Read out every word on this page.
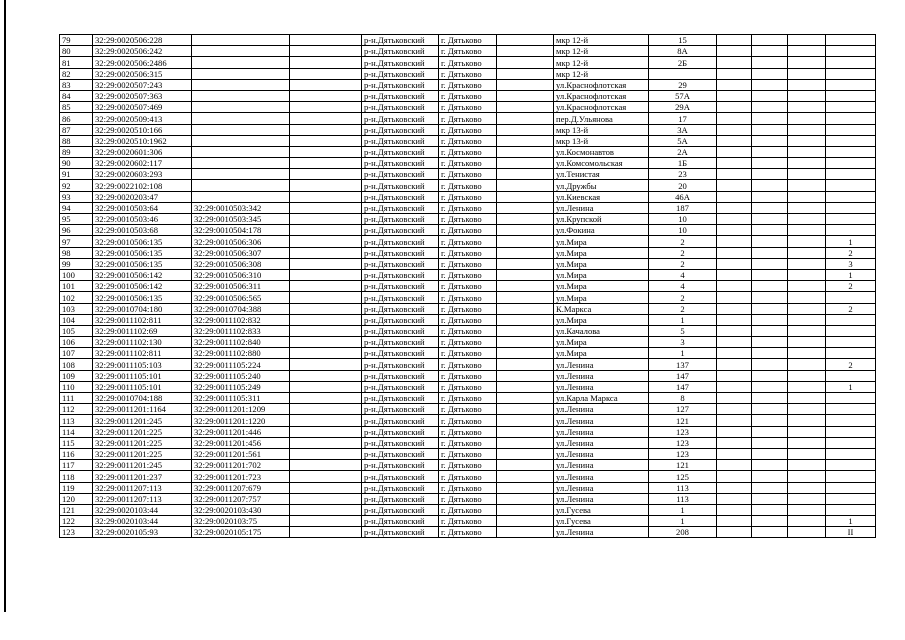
79	32:29:0020506:228			р-н.Дятьковский	г. Дятьково		мкр 12-й	15				
80	32:29:0020506:242			р-н.Дятьковский	г. Дятьково		мкр 12-й	8А				
81	32:29:0020506:2486			р-н.Дятьковский	г. Дятьково		мкр 12-й	2Б				
82	32:29:0020506:315			р-н.Дятьковский	г. Дятьково		мкр 12-й					
83	32:29:0020507:243			р-н.Дятьковский	г. Дятьково		ул.Краснофлотская	29				
84	32:29:0020507:363			р-н.Дятьковский	г. Дятьково		ул.Краснофлотская	57А				
85	32:29:0020507:469			р-н.Дятьковский	г. Дятьково		ул.Краснофлотская	29А				
86	32:29:0020509:413			р-н.Дятьковский	г. Дятьково		пер.Д.Ульянова	17				
87	32:29:0020510:166			р-н.Дятьковский	г. Дятьково		мкр 13-й	3А				
88	32:29:0020510:1962			р-н.Дятьковский	г. Дятьково		мкр 13-й	5А				
89	32:29:0020601:306			р-н.Дятьковский	г. Дятьково		ул.Космонавтов	2А				
90	32:29:0020602:117			р-н.Дятьковский	г. Дятьково		ул.Комсомольская	1Б				
91	32:29:0020603:293			р-н.Дятьковский	г. Дятьково		ул.Тенистая	23				
92	32:29:0022102:108			р-н.Дятьковский	г. Дятьково		ул.Дружбы	20				
93	32:29:0020203:47			р-н.Дятьковский	г. Дятьково		ул.Киевская	46А				
94	32:29:0010503:64	32:29:0010503:342		р-н.Дятьковский	г. Дятьково		ул.Ленина	187				
95	32:29:0010503:46	32:29:0010503:345		р-н.Дятьковский	г. Дятьково		ул.Крупской	10				
96	32:29:0010503:68	32:29:0010504:178		р-н.Дятьковский	г. Дятьково		ул.Фокина	10				
97	32:29:0010506:135	32:29:0010506:306		р-н.Дятьковский	г. Дятьково		ул.Мира	2				1
98	32:29:0010506:135	32:29:0010506:307		р-н.Дятьковский	г. Дятьково		ул.Мира	2				2
99	32:29:0010506:135	32:29:0010506:308		р-н.Дятьковский	г. Дятьково		ул.Мира	2				3
100	32:29:0010506:142	32:29:0010506:310		р-н.Дятьковский	г. Дятьково		ул.Мира	4				1
101	32:29:0010506:142	32:29:0010506:311		р-н.Дятьковский	г. Дятьково		ул.Мира	4				2
102	32:29:0010506:135	32:29:0010506:565		р-н.Дятьковский	г. Дятьково		ул.Мира	2				
103	32:29:0010704:180	32:29:0010704:388		р-н.Дятьковский	г. Дятьково		К.Маркса	2				2
104	32:29:0011102:811	32:29:0011102:832		р-н.Дятьковский	г. Дятьково		ул.Мира	1				
105	32:29:0011102:69	32:29:0011102:833		р-н.Дятьковский	г. Дятьково		ул.Качалова	5				
106	32:29:0011102:130	32:29:0011102:840		р-н.Дятьковский	г. Дятьково		ул.Мира	3				
107	32:29:0011102:811	32:29:0011102:880		р-н.Дятьковский	г. Дятьково		ул.Мира	1				
108	32:29:0011105:103	32:29:0011105:224		р-н.Дятьковский	г. Дятьково		ул.Ленина	137				2
109	32:29:0011105:101	32:29:0011105:240		р-н.Дятьковский	г. Дятьково		ул.Ленина	147				
110	32:29:0011105:101	32:29:0011105:249		р-н.Дятьковский	г. Дятьково		ул.Ленина	147				1
111	32:29:0010704:188	32:29:0011105:311		р-н.Дятьковский	г. Дятьково		ул.Карла Маркса	8				
112	32:29:0011201:1164	32:29:0011201:1209		р-н.Дятьковский	г. Дятьково		ул.Ленина	127				
113	32:29:0011201:245	32:29:0011201:1220		р-н.Дятьковский	г. Дятьково		ул.Ленина	121				
114	32:29:0011201:225	32:29:0011201:446		р-н.Дятьковский	г. Дятьково		ул.Ленина	123				
115	32:29:0011201:225	32:29:0011201:456		р-н.Дятьковский	г. Дятьково		ул.Ленина	123				
116	32:29:0011201:225	32:29:0011201:561		р-н.Дятьковский	г. Дятьково		ул.Ленина	123				
117	32:29:0011201:245	32:29:0011201:702		р-н.Дятьковский	г. Дятьково		ул.Ленина	121				
118	32:29:0011201:237	32:29:0011201:723		р-н.Дятьковский	г. Дятьково		ул.Ленина	125				
119	32:29:0011207:113	32:29:0011207:679		р-н.Дятьковский	г. Дятьково		ул.Ленина	113				
120	32:29:0011207:113	32:29:0011207:757		р-н.Дятьковский	г. Дятьково		ул.Ленина	113				
121	32:29:0020103:44	32:29:0020103:430		р-н.Дятьковский	г. Дятьково		ул.Гусева	1				
122	32:29:0020103:44	32:29:0020103:75		р-н.Дятьковский	г. Дятьково		ул.Гусева	1				1
123	32:29:0020105:93	32:29:0020105:175		р-н.Дятьковский	г. Дятьково		ул.Ленина	208				II
